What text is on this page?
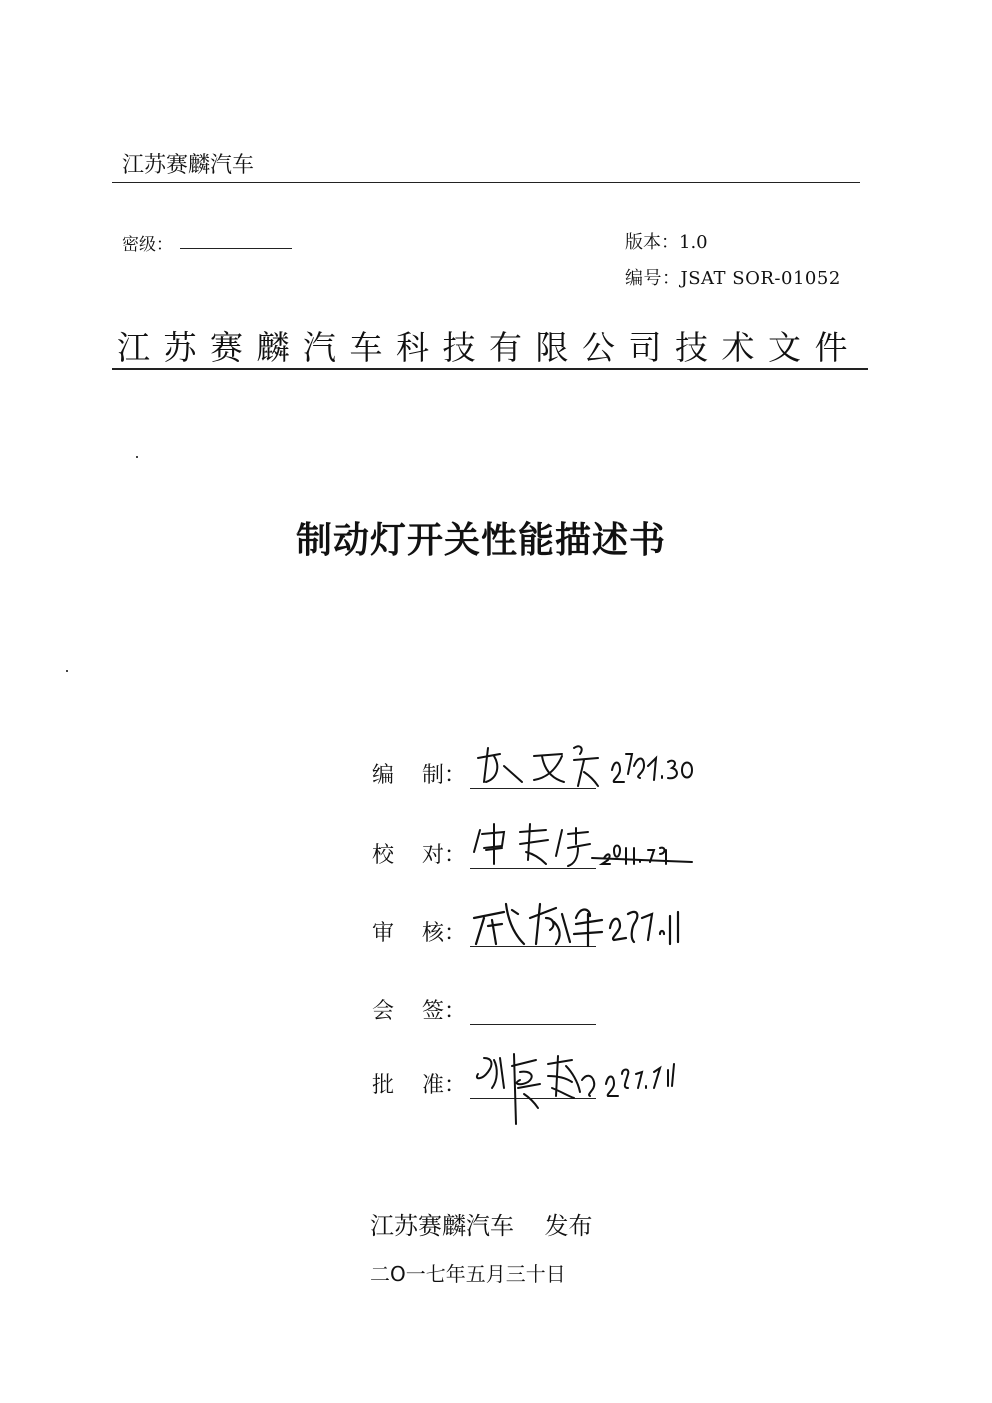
江苏赛麟汽车
密级：	版本：1.0
编号：JSAT SOR-01052
江苏赛麟汽车科技有限公司技术文件
制动灯开关性能描述书
编    制：
校    对：
审    核：
会    签：
批    准：
江苏赛麟汽车    发布
二O一七年五月三十日
